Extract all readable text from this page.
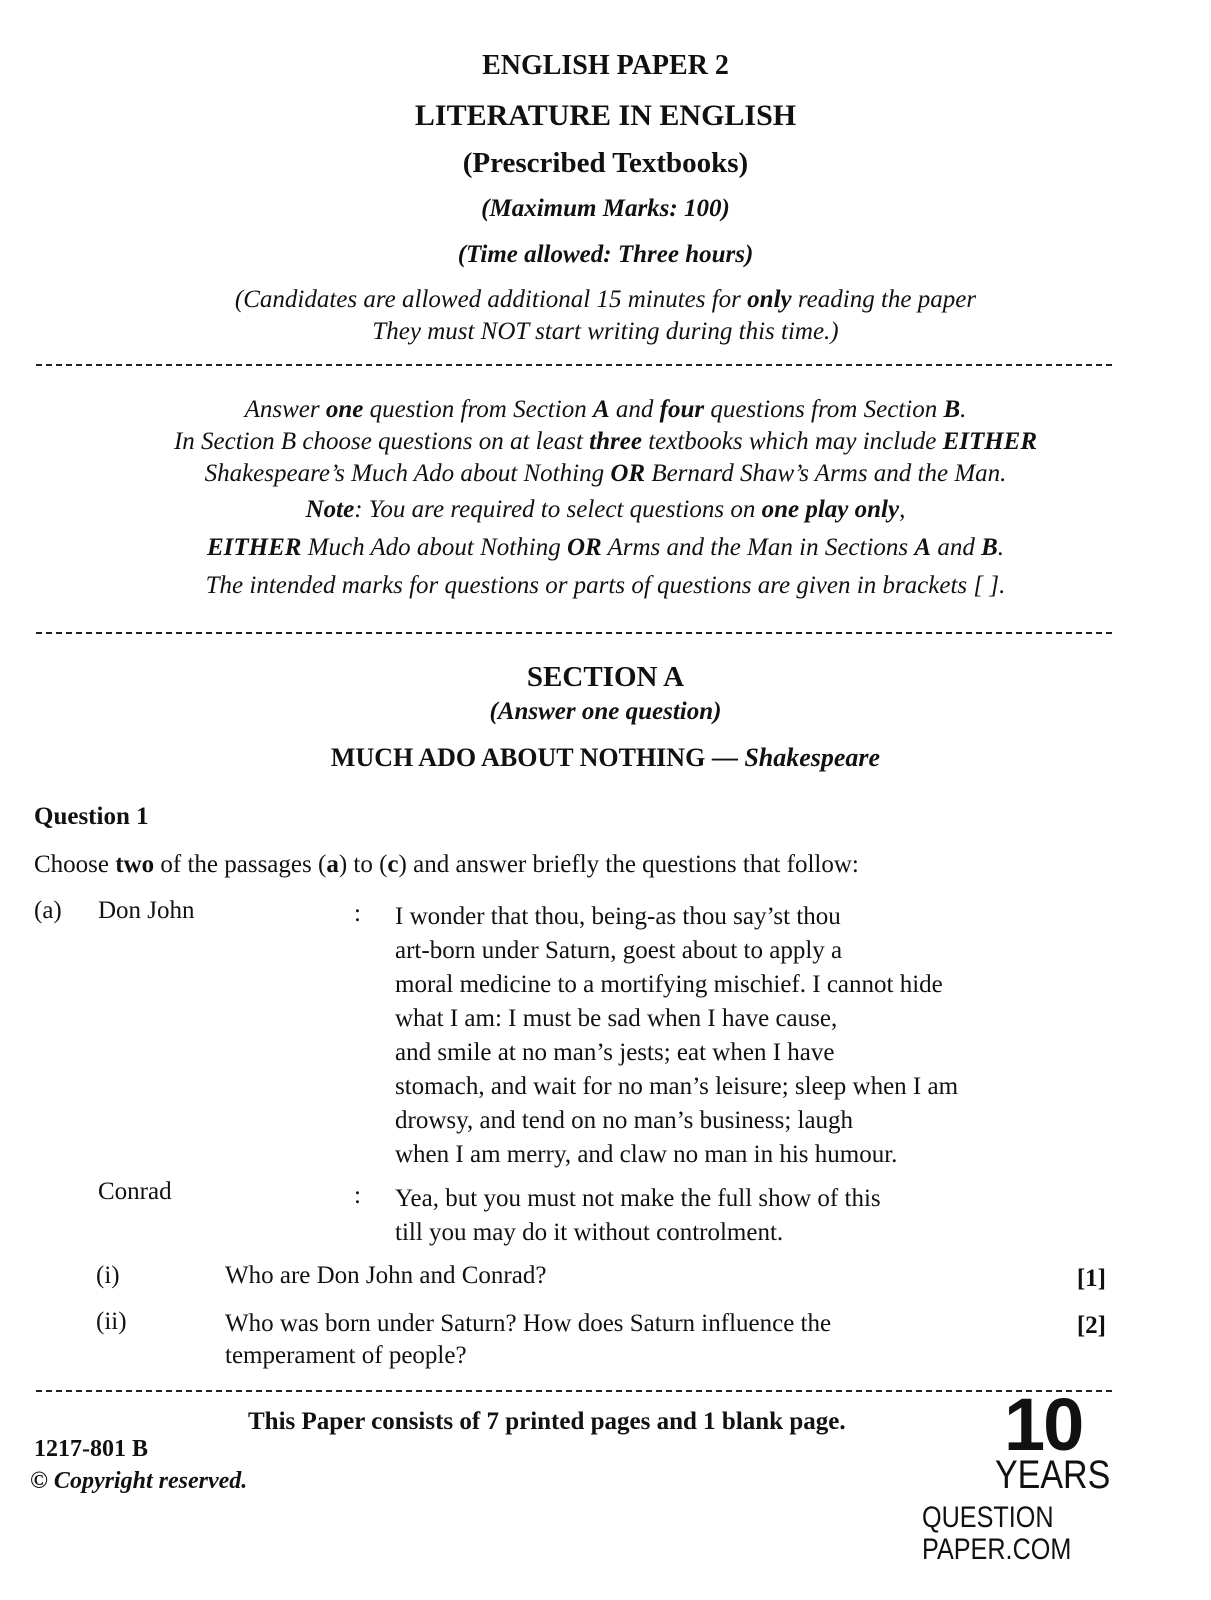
ENGLISH PAPER 2
LITERATURE IN ENGLISH
(Prescribed Textbooks)
(Maximum Marks: 100)
(Time allowed: Three hours)
(Candidates are allowed additional 15 minutes for only reading the paper
They must NOT start writing during this time.)
Answer one question from Section A and four questions from Section B.
In Section B choose questions on at least three textbooks which may include EITHER
Shakespeare’s Much Ado about Nothing OR Bernard Shaw’s Arms and the Man.
Note: You are required to select questions on one play only,
EITHER Much Ado about Nothing OR Arms and the Man in Sections A and B.
The intended marks for questions or parts of questions are given in brackets [ ].
SECTION A
(Answer one question)
MUCH ADO ABOUT NOTHING — Shakespeare
Question 1
Choose two of the passages (a) to (c) and answer briefly the questions that follow:
(a) Don John	: I wonder that thou, being-as thou say’st thou
art-born under Saturn, goest about to apply a
moral medicine to a mortifying mischief. I cannot hide
what I am: I must be sad when I have cause,
and smile at no man’s jests; eat when I have
stomach, and wait for no man’s leisure; sleep when I am
drowsy, and tend on no man’s business; laugh
when I am merry, and claw no man in his humour.
Conrad	: Yea, but you must not make the full show of this
till you may do it without controlment.
(i)	Who are Don John and Conrad?	[1]
(ii)	Who was born under Saturn? How does Saturn influence the
temperament of people?
[2]
This Paper consists of 7 printed pages and 1 blank page.
1217-801 B
© Copyright reserved.
10
YEARS
QUESTION PAPER.COM
